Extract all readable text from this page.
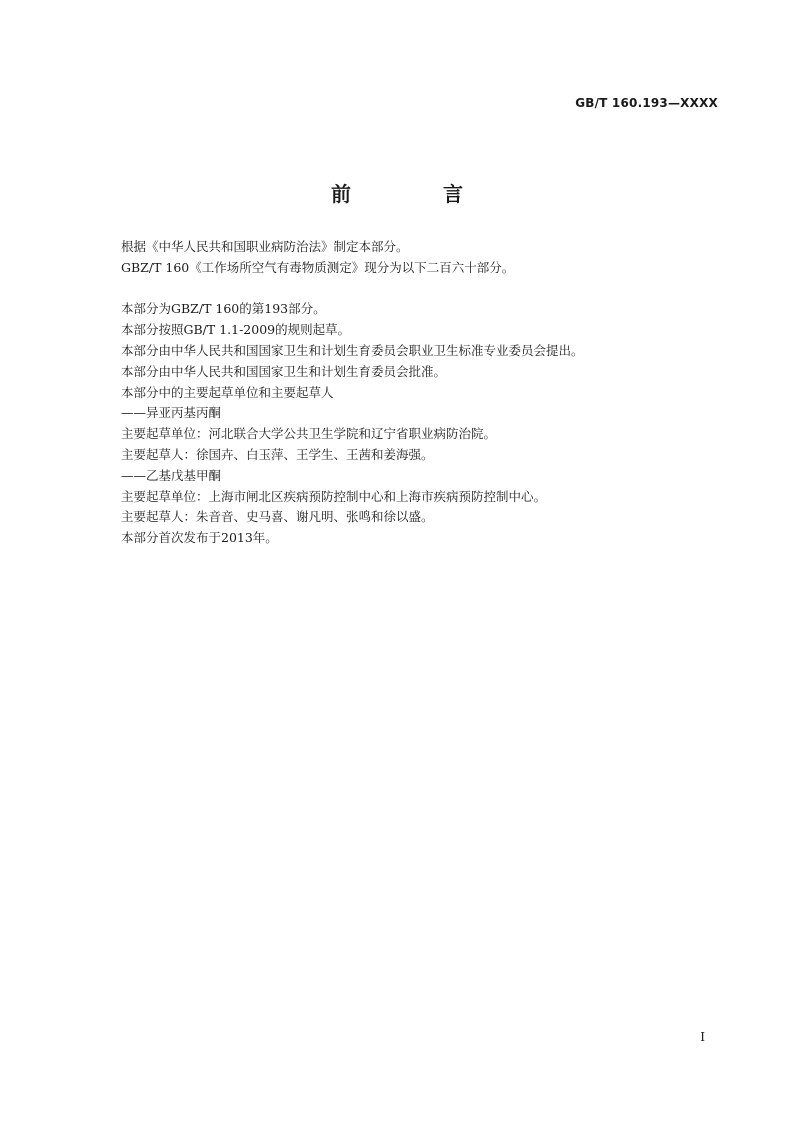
GB/T 160.193—XXXX
前　言
根据《中华人民共和国职业病防治法》制定本部分。
GBZ/T 160《工作场所空气有毒物质测定》现分为以下二百六十部分。
本部分为GBZ/T 160的第193部分。
本部分按照GB/T 1.1-2009的规则起草。
本部分由中华人民共和国国家卫生和计划生育委员会职业卫生标准专业委员会提出。
本部分由中华人民共和国国家卫生和计划生育委员会批准。
本部分中的主要起草单位和主要起草人
——异亚丙基丙酮
主要起草单位：河北联合大学公共卫生学院和辽宁省职业病防治院。
主要起草人：徐国卉、白玉萍、王学生、王茜和姜海强。
——乙基戊基甲酮
主要起草单位：上海市闸北区疾病预防控制中心和上海市疾病预防控制中心。
主要起草人：朱音音、史马喜、谢凡明、张鸣和徐以盛。
本部分首次发布于2013年。
I
